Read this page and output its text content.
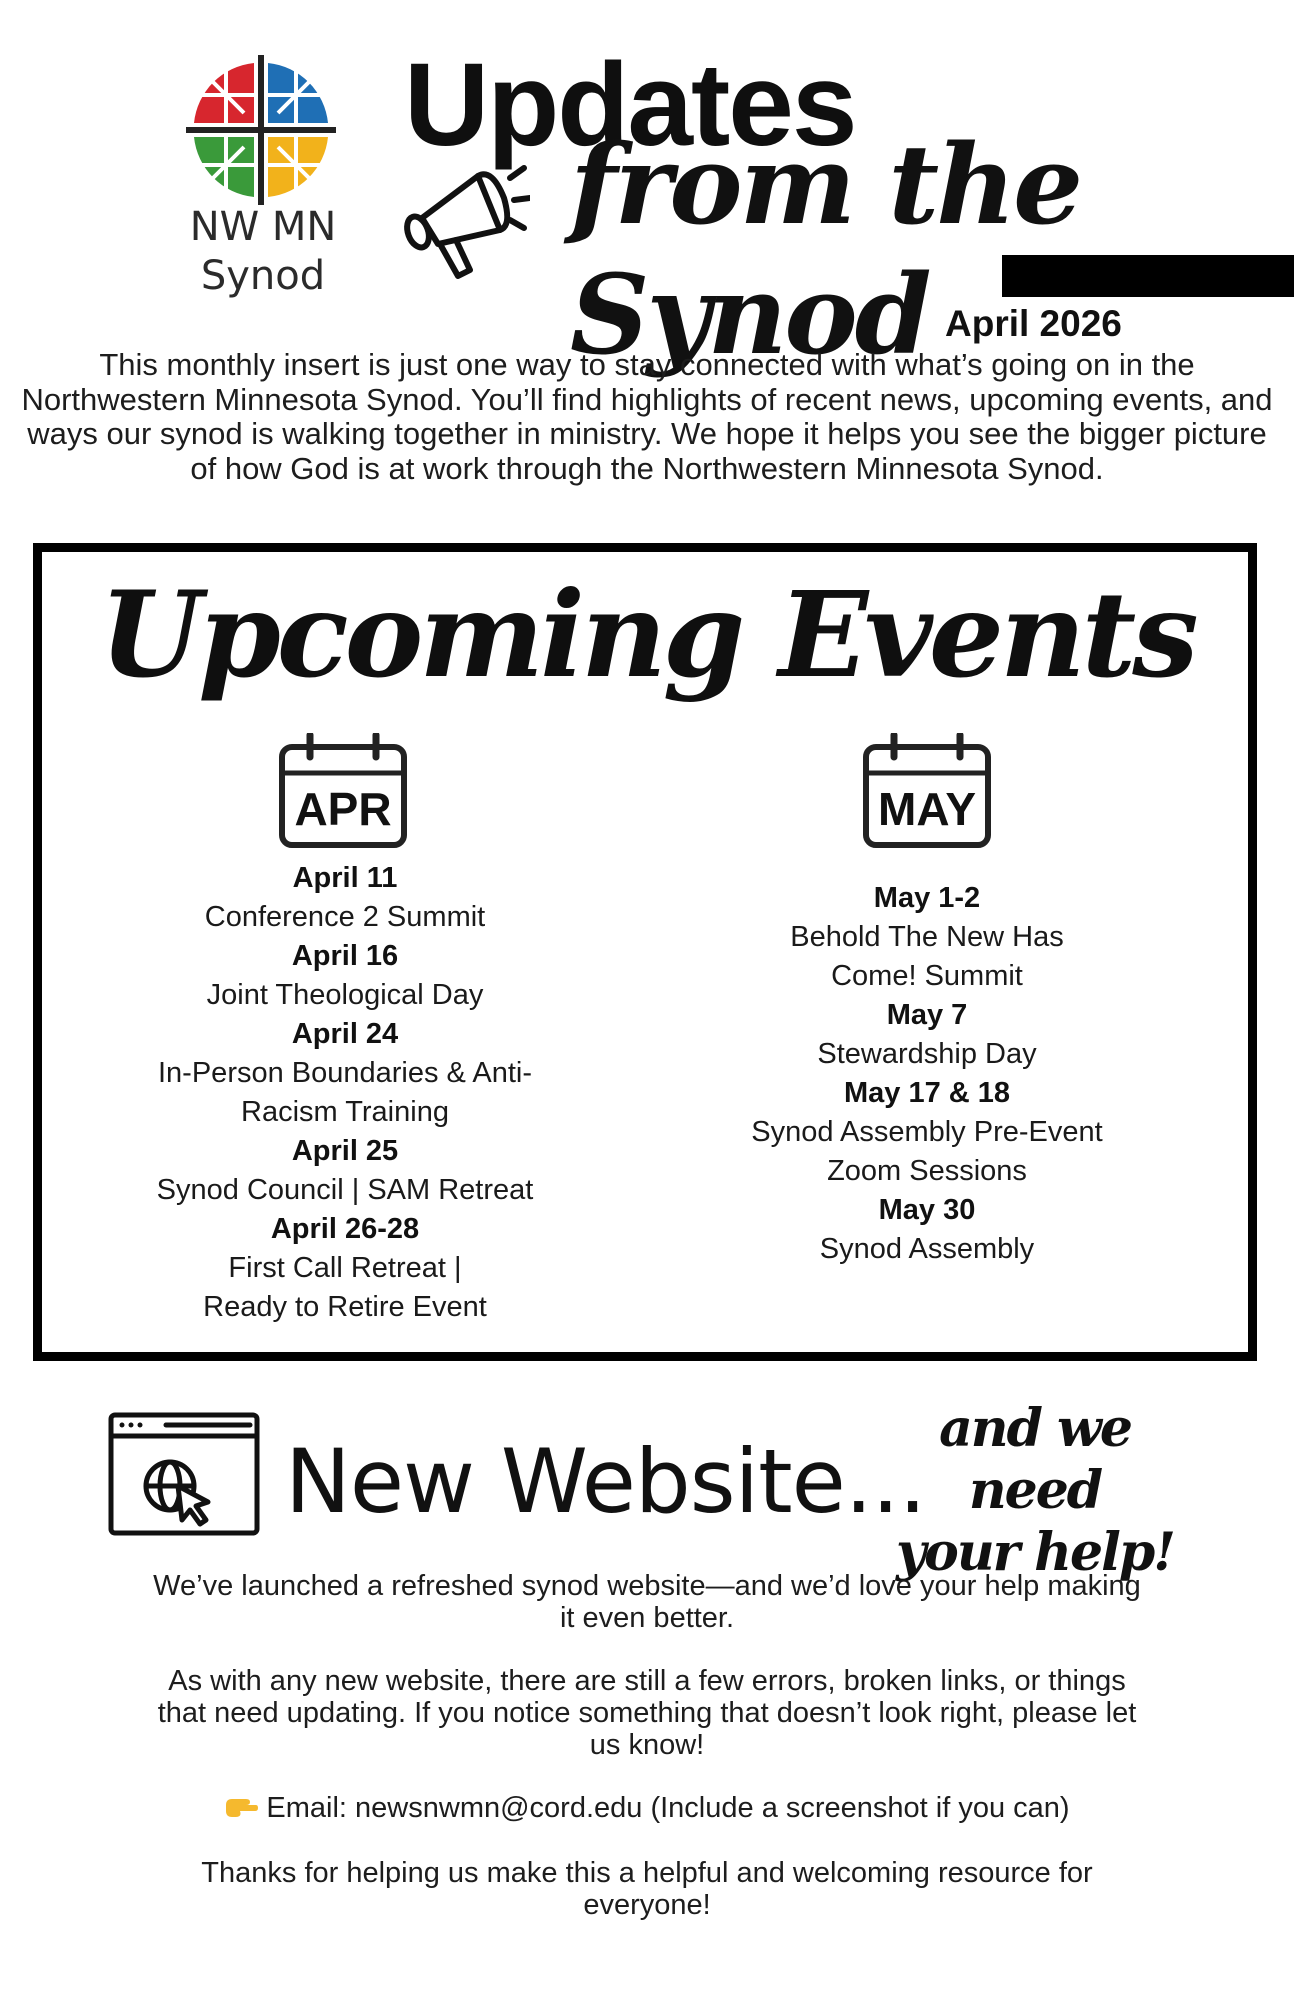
NW MN
Synod
Updates
from the Synod April 2026
This monthly insert is just one way to stay connected with what’s going on in the Northwestern Minnesota Synod. You’ll find highlights of recent news, upcoming events, and ways our synod is walking together in ministry. We hope it helps you see the bigger picture of how God is at work through the Northwestern Minnesota Synod.
Upcoming Events
APR	MAY
April 11
Conference 2 Summit
April 16
Joint Theological Day
April 24
In-Person Boundaries & Anti-Racism Training
April 25
Synod Council | SAM Retreat
April 26-28
First Call Retreat | Ready to Retire Event
May 1-2
Behold The New Has Come! Summit
May 7
Stewardship Day
May 17 & 18
Synod Assembly Pre-Event Zoom Sessions
May 30
Synod Assembly
New Website...
and we need
your help!
We’ve launched a refreshed synod website—and we’d love your help making it even better.
As with any new website, there are still a few errors, broken links, or things that need updating. If you notice something that doesn’t look right, please let us know!
Email: newsnwmn@cord.edu (Include a screenshot if you can)
Thanks for helping us make this a helpful and welcoming resource for everyone!
